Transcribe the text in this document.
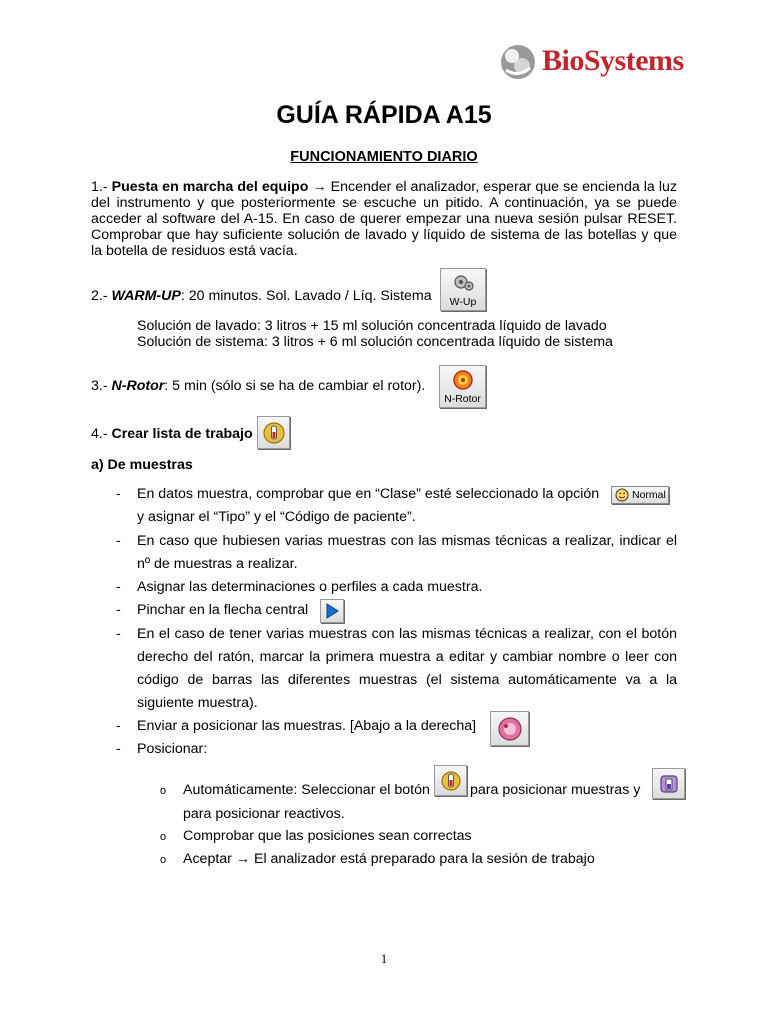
BioSystems
GUÍA RÁPIDA A15
FUNCIONAMIENTO DIARIO
1.- Puesta en marcha del equipo → Encender el analizador, esperar que se encienda la luz del instrumento y que posteriormente se escuche un pitido. A continuación, ya se puede acceder al software del A-15. En caso de querer empezar una nueva sesión pulsar RESET. Comprobar que hay suficiente solución de lavado y líquido de sistema de las botellas y que la botella de residuos está vacía.
2.- WARM-UP: 20 minutos. Sol. Lavado / Líq. Sistema	W-Up
Solución de lavado: 3 litros + 15 ml solución concentrada líquido de lavado
Solución de sistema: 3 litros + 6 ml solución concentrada líquido de sistema
3.- N-Rotor: 5 min (sólo si se ha de cambiar el rotor).
N-Rotor
4.- Crear lista de trabajo
a) De muestras
- En datos muestra, comprobar que en “Clase” esté seleccionado la opción	Normal
y asignar el “Tipo” y el “Código de paciente”.
- En caso que hubiesen varias muestras con las mismas técnicas a realizar, indicar el nº de muestras a realizar.
- Asignar las determinaciones o perfiles a cada muestra.
- Pinchar en la flecha central
- En el caso de tener varias muestras con las mismas técnicas a realizar, con el botón derecho del ratón, marcar la primera muestra a editar y cambiar nombre o leer con código de barras las diferentes muestras (el sistema automáticamente va a la siguiente muestra).
- Enviar a posicionar las muestras. [Abajo a la derecha]
- Posicionar:
o Automáticamente: Seleccionar el botón	para posicionar muestras y
para posicionar reactivos.
o Comprobar que las posiciones sean correctas
o Aceptar → El analizador está preparado para la sesión de trabajo
1
